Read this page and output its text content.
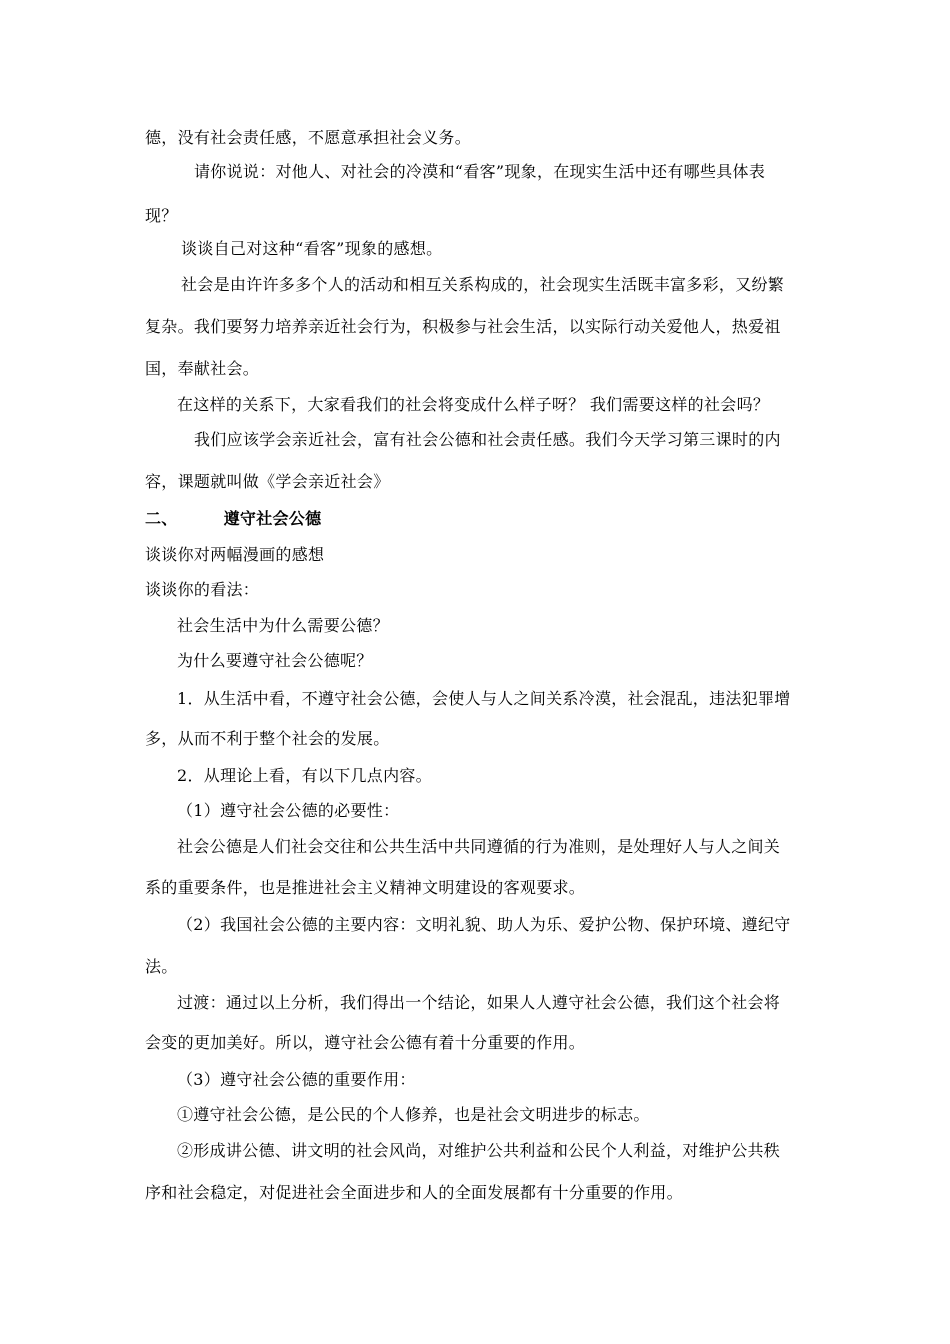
德，没有社会责任感，不愿意承担社会义务。
请你说说：对他人、对社会的冷漠和“看客”现象，在现实生活中还有哪些具体表
现？
谈谈自己对这种“看客”现象的感想。
社会是由许许多多个人的活动和相互关系构成的，社会现实生活既丰富多彩，又纷繁
复杂。我们要努力培养亲近社会行为，积极参与社会生活，以实际行动关爱他人，热爱祖
国，奉献社会。
在这样的关系下，大家看我们的社会将变成什么样子呀？ 我们需要这样的社会吗？
我们应该学会亲近社会，富有社会公德和社会责任感。我们今天学习第三课时的内
容，课题就叫做《学会亲近社会》
二、	遵守社会公德
谈谈你对两幅漫画的感想
谈谈你的看法：
社会生活中为什么需要公德？
为什么要遵守社会公德呢？
1．从生活中看，不遵守社会公德，会使人与人之间关系冷漠，社会混乱，违法犯罪增
多，从而不利于整个社会的发展。
2．从理论上看，有以下几点内容。
（1）遵守社会公德的必要性：
社会公德是人们社会交往和公共生活中共同遵循的行为准则，是处理好人与人之间关
系的重要条件，也是推进社会主义精神文明建设的客观要求。
（2）我国社会公德的主要内容：文明礼貌、助人为乐、爱护公物、保护环境、遵纪守
法。
过渡：通过以上分析，我们得出一个结论，如果人人遵守社会公德，我们这个社会将
会变的更加美好。所以，遵守社会公德有着十分重要的作用。
（3）遵守社会公德的重要作用：
①遵守社会公德，是公民的个人修养，也是社会文明进步的标志。
②形成讲公德、讲文明的社会风尚，对维护公共利益和公民个人利益，对维护公共秩
序和社会稳定，对促进社会全面进步和人的全面发展都有十分重要的作用。
